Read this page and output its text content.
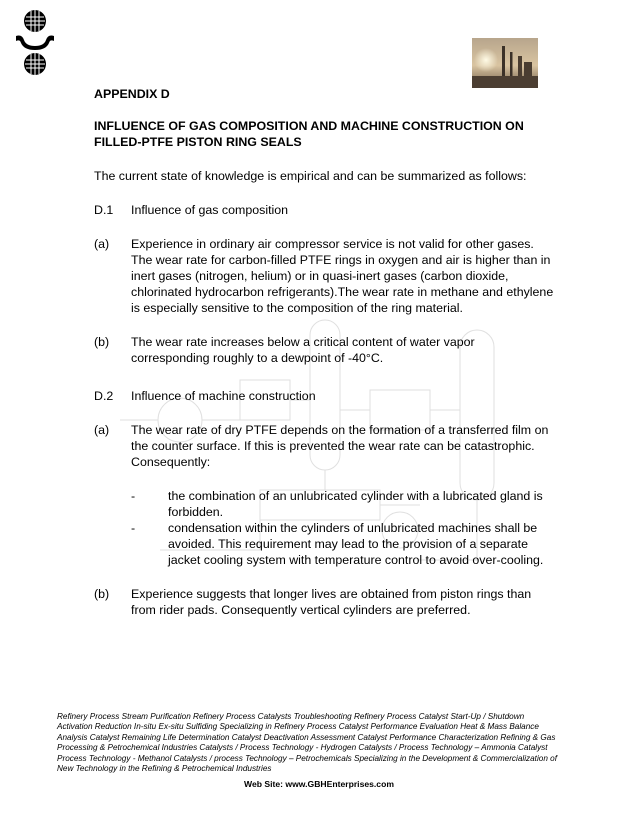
APPENDIX D
INFLUENCE OF GAS COMPOSITION AND MACHINE CONSTRUCTION ON FILLED-PTFE PISTON RING SEALS
The current state of knowledge is empirical and can be summarized as follows:
D.1	Influence of gas composition
(a)	Experience in ordinary air compressor service is not valid for other gases. The wear rate for carbon-filled PTFE rings in oxygen and air is higher than in inert gases (nitrogen, helium) or in quasi-inert gases (carbon dioxide, chlorinated hydrocarbon refrigerants).The wear rate in methane and ethylene is especially sensitive to the composition of the ring material.
(b)	The wear rate increases below a critical content of water vapor corresponding roughly to a dewpoint of -40°C.
D.2	Influence of machine construction
(a)	The wear rate of dry PTFE depends on the formation of a transferred film on the counter surface. If this is prevented the wear rate can be catastrophic. Consequently:
-	the combination of an unlubricated cylinder with a lubricated gland is forbidden.
-	condensation within the cylinders of unlubricated machines shall be avoided. This requirement may lead to the provision of a separate jacket cooling system with temperature control to avoid over-cooling.
(b)	Experience suggests that longer lives are obtained from piston rings than from rider pads. Consequently vertical cylinders are preferred.
Refinery Process Stream Purification Refinery Process Catalysts Troubleshooting Refinery Process Catalyst Start-Up / Shutdown Activation Reduction In-situ Ex-situ Sulfiding Specializing in Refinery Process Catalyst Performance Evaluation Heat & Mass Balance Analysis Catalyst Remaining Life Determination Catalyst Deactivation Assessment Catalyst Performance Characterization Refining & Gas Processing & Petrochemical Industries Catalysts / Process Technology - Hydrogen Catalysts / Process Technology – Ammonia Catalyst Process Technology - Methanol Catalysts / process Technology – Petrochemicals Specializing in the Development & Commercialization of New Technology in the Refining & Petrochemical Industries
Web Site: www.GBHEnterprises.com
